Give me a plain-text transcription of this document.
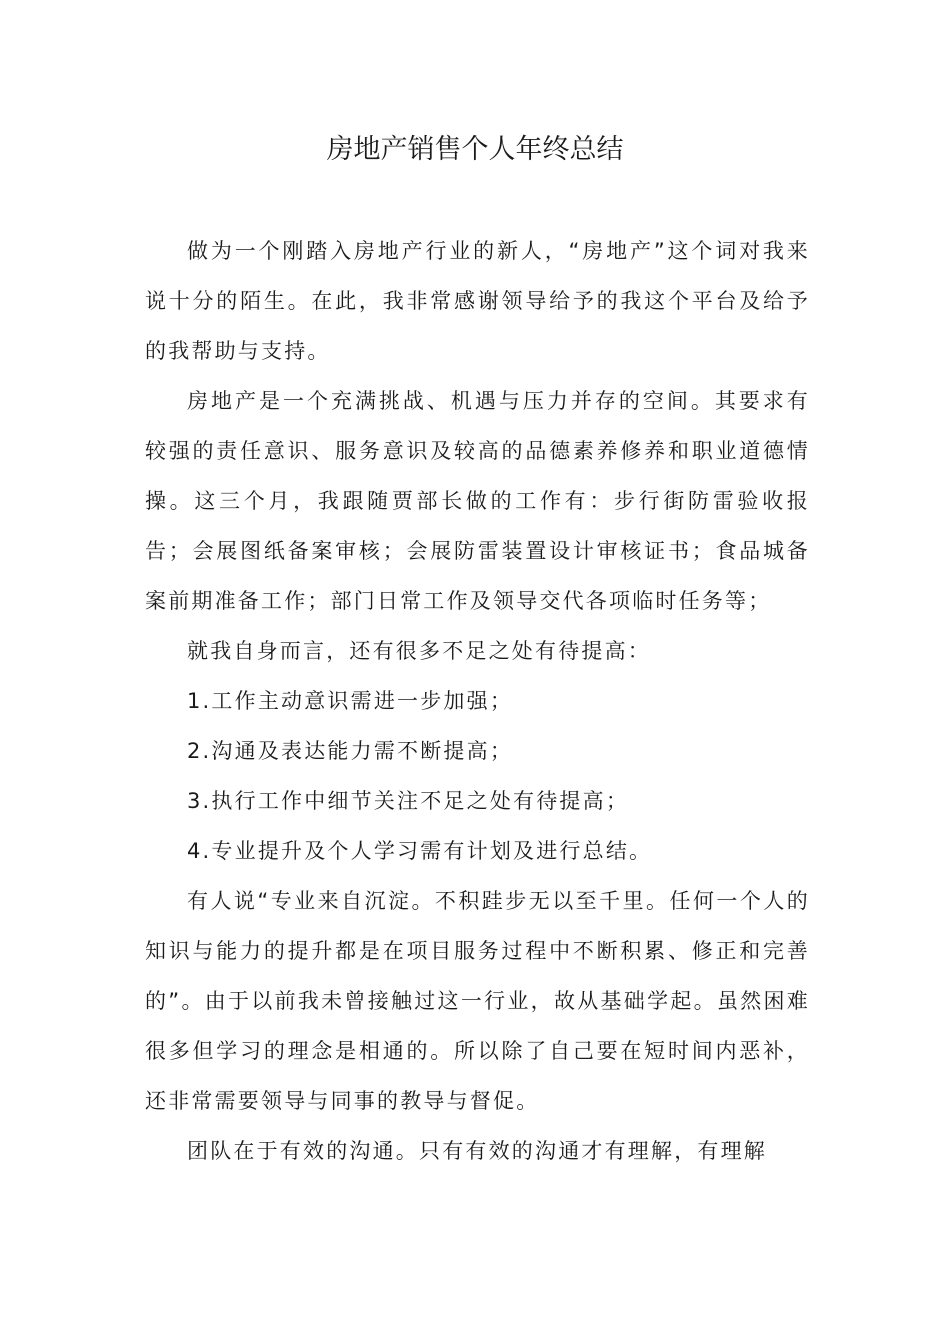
房地产销售个人年终总结

做为一个刚踏入房地产行业的新人，“房地产”这个词对我来说十分的陌生。在此，我非常感谢领导给予的我这个平台及给予的我帮助与支持。

房地产是一个充满挑战、机遇与压力并存的空间。其要求有较强的责任意识、服务意识及较高的品德素养修养和职业道德情操。这三个月，我跟随贾部长做的工作有：步行街防雷验收报告；会展图纸备案审核；会展防雷装置设计审核证书；食品城备案前期准备工作；部门日常工作及领导交代各项临时任务等；

就我自身而言，还有很多不足之处有待提高：

1.工作主动意识需进一步加强；

2.沟通及表达能力需不断提高；

3.执行工作中细节关注不足之处有待提高；

4.专业提升及个人学习需有计划及进行总结。

有人说“专业来自沉淀。不积跬步无以至千里。任何一个人的知识与能力的提升都是在项目服务过程中不断积累、修正和完善的”。由于以前我未曾接触过这一行业，故从基础学起。虽然困难很多但学习的理念是相通的。所以除了自己要在短时间内恶补，还非常需要领导与同事的教导与督促。

团队在于有效的沟通。只有有效的沟通才有理解，有理解
